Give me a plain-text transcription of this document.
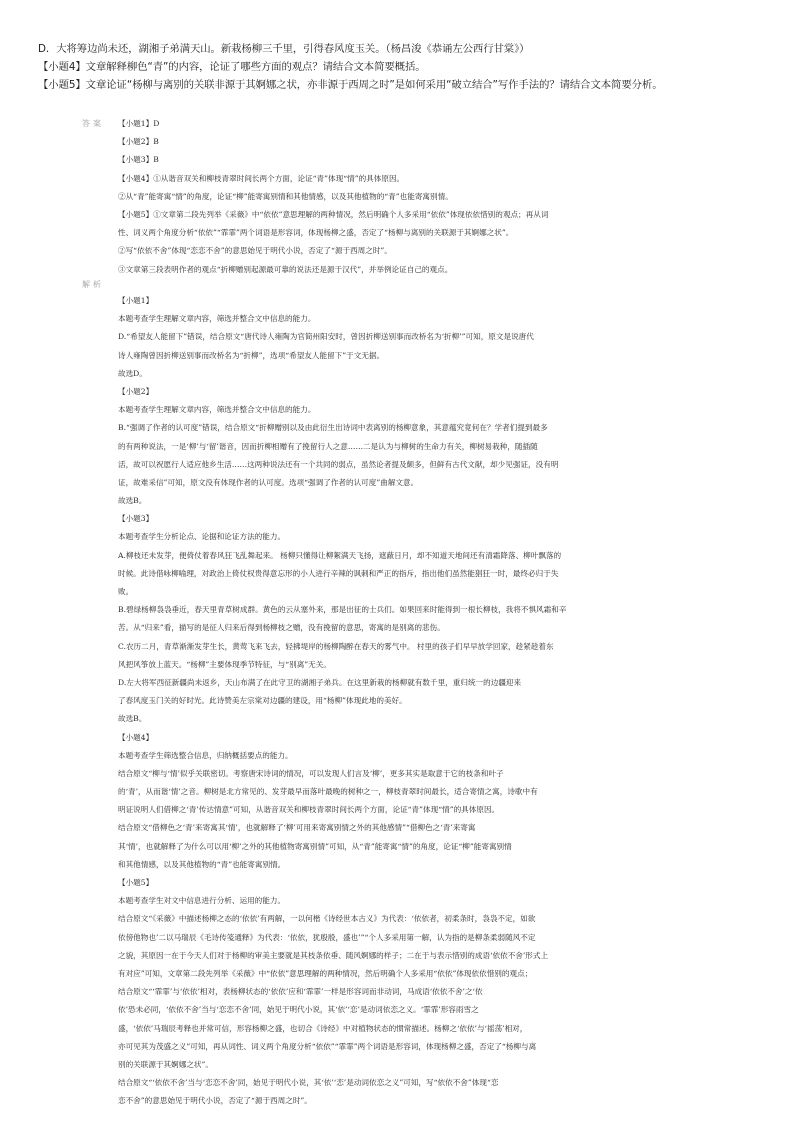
D．大将筹边尚未还，湖湘子弟满天山。新栽杨柳三千里，引得春风度玉关。（杨昌浚《恭诵左公西行甘棠》）
【小题4】文章解释柳色“青”的内容，论证了哪些方面的观点？请结合文本简要概括。
【小题5】文章论证“杨柳与离别的关联非源于其婀娜之状，亦非源于西周之时”是如何采用“破立结合”写作手法的？请结合文本简要分析。
答案 【小题1】D
【小题2】B
【小题3】B
【小题4】①从谐音双关和柳枝青翠时间长两个方面，论证“青”体现“情”的具体原因。
②从“青”能寄寓“情”的角度，论证“柳”能寄寓别情和其他情感，以及其他植物的“青”也能寄寓别情。
【小题5】①文章第二段先列举《采薇》中“依依”意思理解的两种情况，然后明确个人多采用“依依”体现依依惜别的观点；再从词
性、词义两个角度分析“依依”“霏霏”两个词语是形容词，体现杨柳之盛，否定了“杨柳与离别的关联源于其婀娜之状”。
②写“依依不舍”体现“恋恋不舍”的意思始见于明代小说，否定了“源于西周之时”。
③文章第三段表明作者的观点“折柳赠别起源最可靠的说法还是源于汉代”，并举例论证自己的观点。
解析
【小题1】
本题考查学生理解文章内容，筛选并整合文中信息的能力。
D.“希望友人能留下”错误，结合原文“唐代诗人雍陶为官简州阳安时，曾因折柳送别事而改桥名为‘折柳’”可知，原文是说唐代
诗人雍陶曾因折柳送别事而改桥名为“折柳”，选项“希望友人能留下”于文无据。
故选D。
【小题2】
本题考查学生理解文章内容，筛选并整合文中信息的能力。
B.“强调了作者的认可度”错误，结合原文“折柳赠别以及由此衍生出诗词中表离别的杨柳意象，其意蕴究竟何在？学者们提到最多
的有两种说法，一是‘柳’与‘留’谐音，因而折柳相赠有了挽留行人之意……二是认为与柳树的生命力有关，柳树易栽种，随插随
活，故可以祝愿行人适应他乡生活……这两种说法还有一个共同的弱点，虽然论者提及颇多，但鲜有古代文献，却少见强证，没有明
证，故难采信”可知，原文没有体现作者的认可度。选项“强调了作者的认可度”曲解文意。
故选B。
【小题3】
本题考查学生分析论点、论据和论证方法的能力。
A.柳枝还未发芽，便倚仗着春风狂飞乱舞起来。 杨柳只懂得让柳絮满天飞扬，遮蔽日月，却不知道天地间还有清霜降落、柳叶飘落的
时候。此诗借咏柳喻理，对政治上倚仗权贵得意忘形的小人进行辛辣的讽刺和严正的指斥，指出他们虽然能猖狂一时，最终必归于失
败。
B.碧绿杨柳袅袅垂近，春天里青草树成群。黄色的云从塞外来，那是出征的士兵们。如果回来时能得到一根长柳枝，我将不惧风霜和辛
苦。从“归来”看，描写的是征人归来后得到杨柳枝之赠，没有挽留的意思，寄寓的是别离的悲伤。
C.农历二月，青草渐渐发芽生长，黄莺飞来飞去，轻拂堤岸的杨柳陶醉在春天的雾气中。 村里的孩子们早早放学回家，趁紧趁着东
风把风筝放上蓝天。“杨柳”主要体现季节特征，与“别离”无关。
D.左大将军西征新疆尚未返乡，天山布满了在此守卫的湖湘子弟兵。在这里新栽的杨柳就有数千里，重归统一的边疆迎来
了春风度玉门关的好时光。此诗赞美左宗棠对边疆的建设，用“杨柳”体现此地的美好。
故选B。
【小题4】
本题考查学生筛选整合信息，归纳概括要点的能力。
结合原文“柳与‘情’似乎关联密切。考察唐宋诗词的情况，可以发现人们言及‘柳’，更多其实是取意于它的枝条和叶子
的‘青’，从而谐‘情’之音。柳树是北方常见的、发芽最早而落叶最晚的树种之一，柳枝青翠时间最长，适合寄情之寓，诗歌中有
明证说明人们借柳之‘青’传达情意”可知，从谐音双关和柳枝青翠时间长两个方面，论证“青”体现“情”的具体原因。
结合原文“借柳色之‘青’来寄寓其‘情’，也就解释了‘柳’可用来寄寓别情之外的其他感情”“借柳色之‘青’来寄寓
其‘情’，也就解释了为什么可以用‘柳’之外的其他植物寄寓别情”可知，从“青”能寄寓“情”的角度，论证“柳”能寄寓别情
和其他情感，以及其他植物的“青”也能寄寓别情。
【小题5】
本题考查学生对文中信息进行分析、运用的能力。
结合原文“《采薇》中描述杨柳之态的‘依依’有两解，一以何楷《诗经世本古义》为代表：‘依依者，初柔条时，袅袅不定，如欲
依傍他物也’二以马瑞辰《毛诗传笺通释》为代表：‘依依，犹殷殷，盛也’”“个人多采用第一解，认为指的是柳条柔弱随风不定
之貌，其原因一在于今天人们对于杨柳的审美主要就是其枝条依垂、随风婀娜的样子；二在于与表示惜别的成语‘依依不舍’形式上
有对应”可知，文章第二段先列举《采薇》中“依依”意思理解的两种情况，然后明确个人多采用“依依”体现依依惜别的观点；
结合原文“‘霏霏’与‘依依’相对，表杨柳状态的‘依依’应和‘霏霏’一样是形容词而非动词，马成语‘依依不舍’之‘依
依’恐未必同，‘依依不舍’当与‘恋恋不舍’同，始见于明代小说，其‘依’‘恋’是动词依恋之义。‘霏霏’形容雨雪之
盛，‘依依’马瑞辰考释也并常可信，形容杨柳之盛，也切合《诗经》中对植物状态的惯常描述。杨柳之‘依依’与‘摇荡’相对，
亦可见其为茂盛之义”可知，再从词性、词义两个角度分析“依依”“霏霏”两个词语是形容词，体现杨柳之盛，否定了“杨柳与离
别的关联源于其婀娜之状”。
结合原文“‘依依不舍’当与‘恋恋不舍’同，始见于明代小说，其‘依’‘恋’是动词依恋之义”可知，写“依依不舍”体现“恋
恋不舍”的意思始见于明代小说，否定了“源于西周之时”。
